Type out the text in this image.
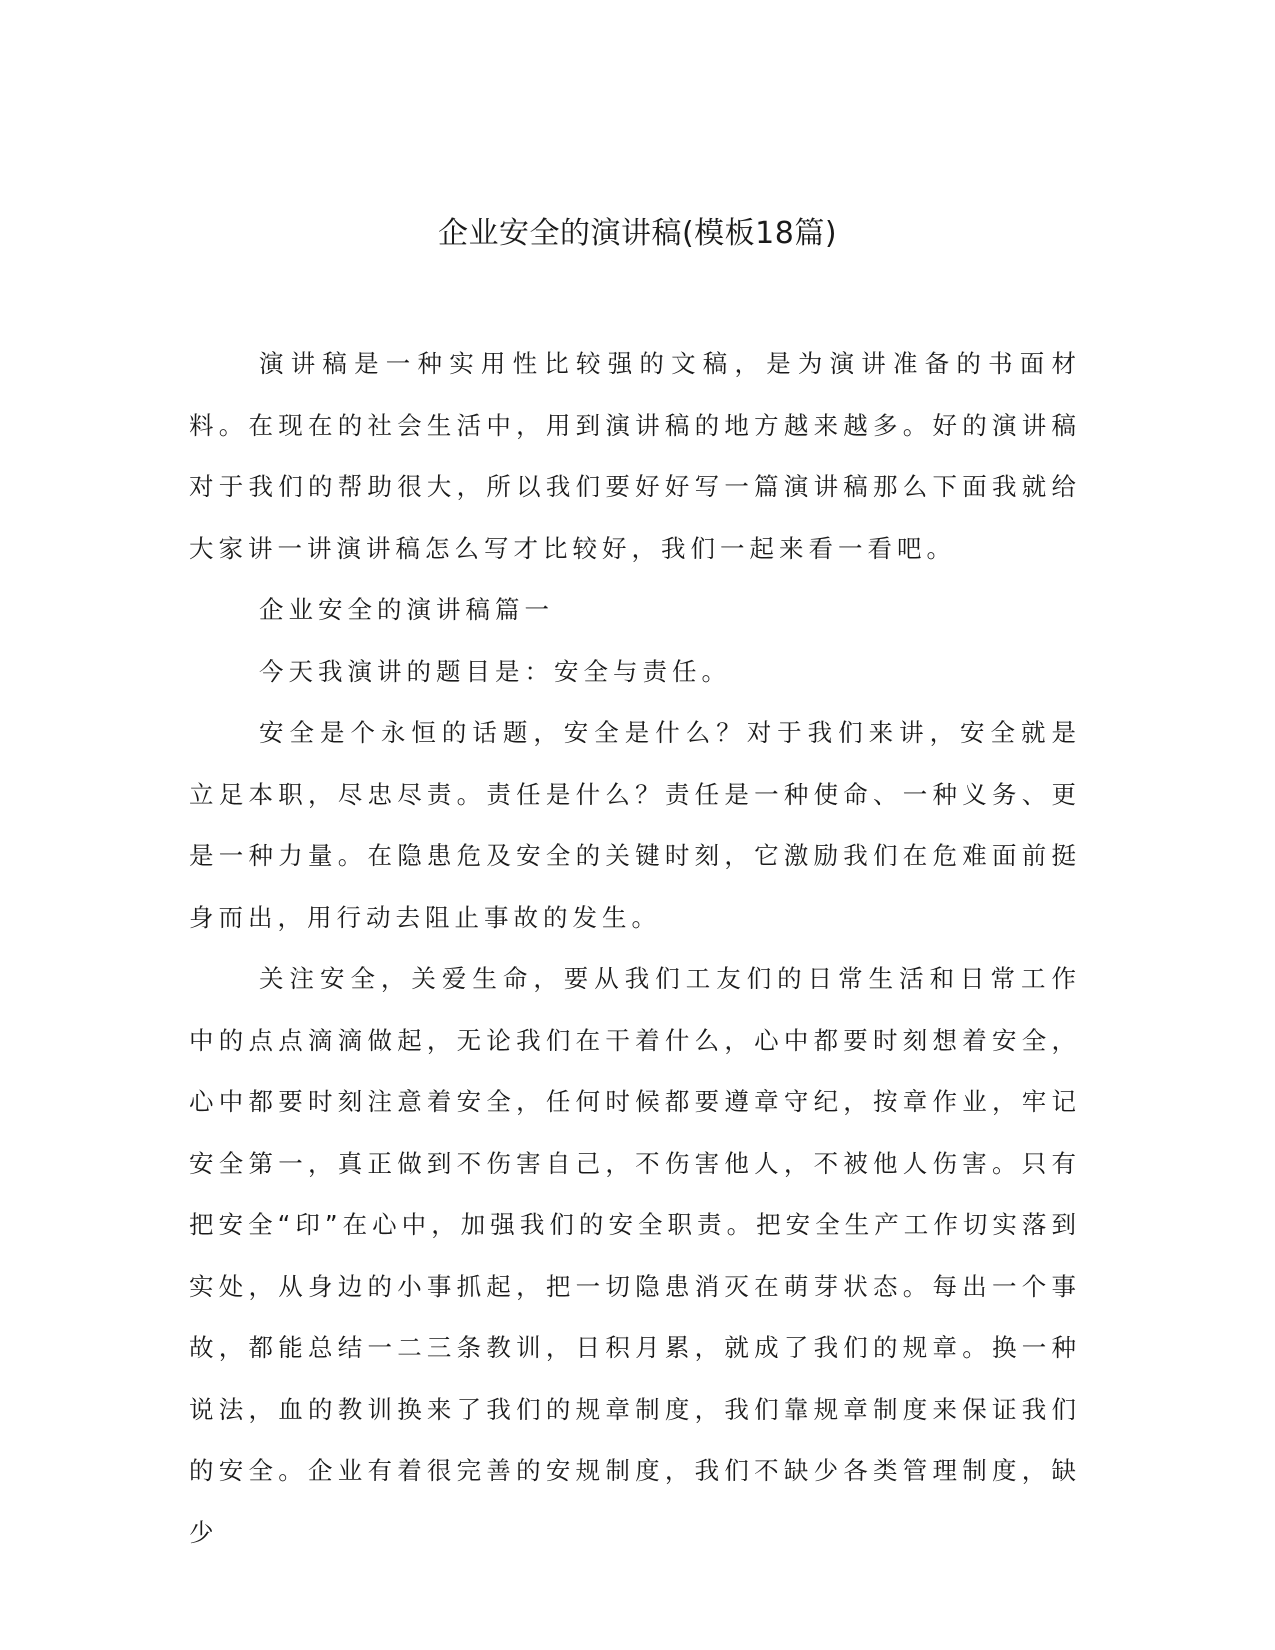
企业安全的演讲稿(模板18篇)

演讲稿是一种实用性比较强的文稿，是为演讲准备的书面材料。在现在的社会生活中，用到演讲稿的地方越来越多。好的演讲稿对于我们的帮助很大，所以我们要好好写一篇演讲稿那么下面我就给大家讲一讲演讲稿怎么写才比较好，我们一起来看一看吧。

企业安全的演讲稿篇一

今天我演讲的题目是：安全与责任。

安全是个永恒的话题，安全是什么？对于我们来讲，安全就是立足本职，尽忠尽责。责任是什么？责任是一种使命、一种义务、更是一种力量。在隐患危及安全的关键时刻，它激励我们在危难面前挺身而出，用行动去阻止事故的发生。

关注安全，关爱生命，要从我们工友们的日常生活和日常工作中的点点滴滴做起，无论我们在干着什么，心中都要时刻想着安全，心中都要时刻注意着安全，任何时候都要遵章守纪，按章作业，牢记安全第一，真正做到不伤害自己，不伤害他人，不被他人伤害。只有把安全“印”在心中，加强我们的安全职责。把安全生产工作切实落到实处，从身边的小事抓起，把一切隐患消灭在萌芽状态。每出一个事故，都能总结一二三条教训，日积月累，就成了我们的规章。换一种说法，血的教训换来了我们的规章制度，我们靠规章制度来保证我们的安全。企业有着很完善的安规制度，我们不缺少各类管理制度，缺少
